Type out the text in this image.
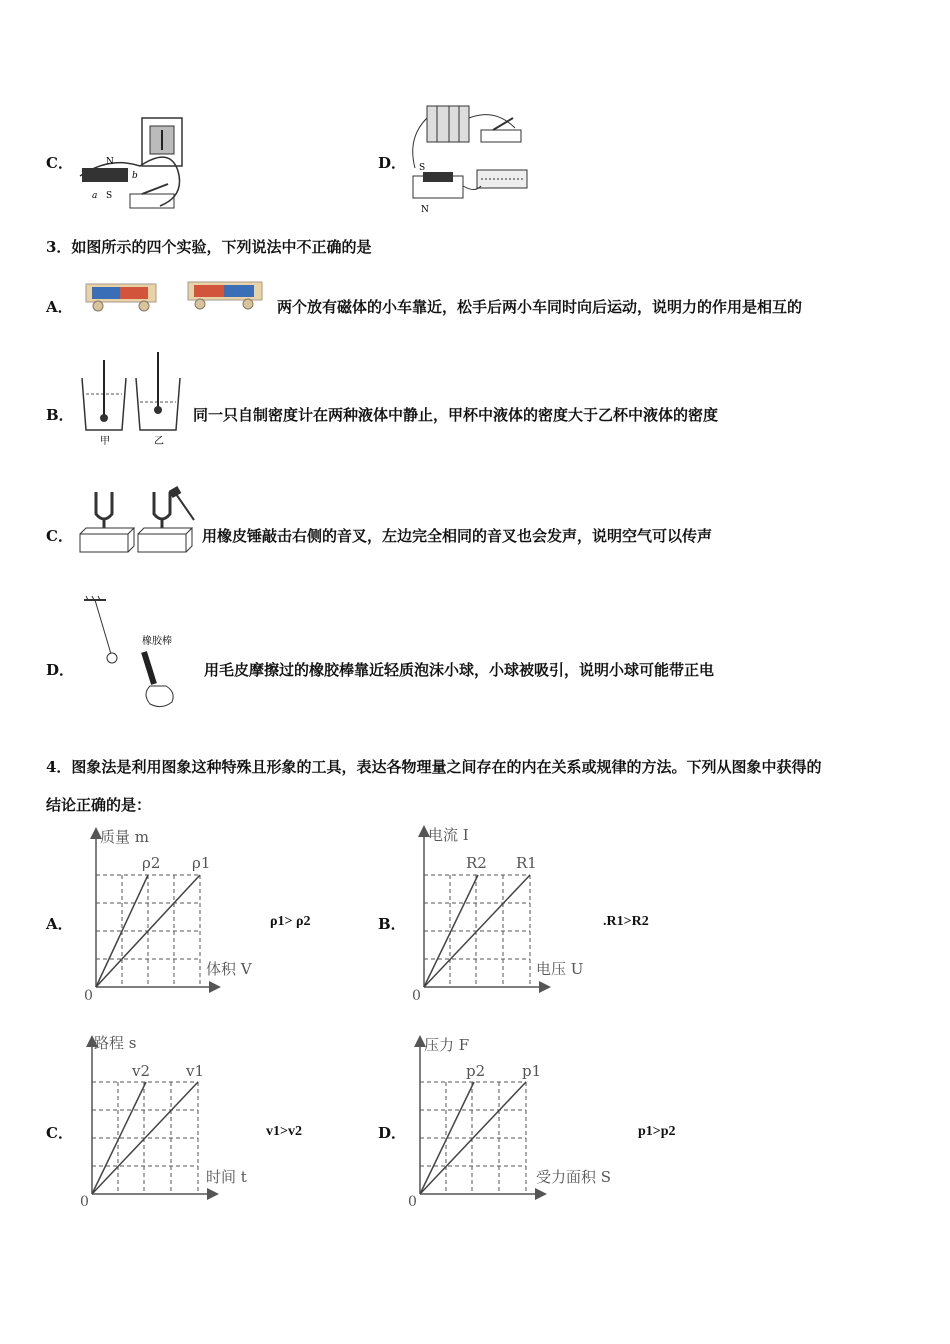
C．	N
S
a
b
D． S
N
3．如图所示的四个实验，下列说法中不正确的是
A．	两个放有磁体的小车靠近，松手后两小车同时向后运动，说明力的作用是相互的
B．
甲	乙
同一只自制密度计在两种液体中静止，甲杯中液体的密度大于乙杯中液体的密度
C．	用橡皮锤敲击右侧的音叉，左边完全相同的音叉也会发声，说明空气可以传声
D．
橡胶棒
用毛皮摩擦过的橡胶棒靠近轻质泡沫小球，小球被吸引，说明小球可能带正电
4．图象法是利用图象这种特殊且形象的工具，表达各物理量之间存在的内在关系或规律的方法。下列从图象中获得的
结论正确的是：
A．
质量 m
体积 V
ρ2 ρ1
0
ρ1> ρ2	B．
电流 I
电压 U
R2 R1
0
.R1>R2
C．
路程 s
时间 t
v2 v1
0
v1>v2	D．
压力 F
受力面积 S
p2 p1
0
p1>p2
